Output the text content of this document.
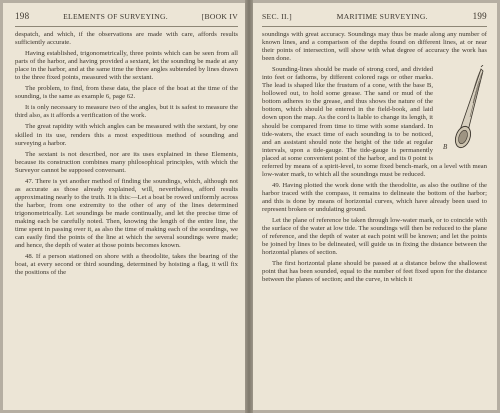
198	ELEMENTS OF SURVEYING.	[BOOK IV

despatch, and which, if the observations are made with care, affords results sufficiently accurate.

Having established, trigonometrically, three points which can be seen from all parts of the harbor, and having provided a sextant, let the sounding be made at any place in the harbor, and at the same time the three angles subtended by lines drawn to the three fixed points, measured with the sextant.

The problem, to find, from these data, the place of the boat at the time of the sounding, is the same as example 6, page 62.

It is only necessary to measure two of the angles, but it is safest to measure the third also, as it affords a verification of the work.

The great rapidity with which angles can be measured with the sextant, by one skilled in its use, renders this a most expeditious method of sounding and surveying a harbor.

The sextant is not described, nor are its uses explained in these Elements, because its construction combines many philosophical principles, with which the Surveyor cannot be supposed conversant.

47. There is yet another method of finding the soundings, which, although not as accurate as those already explained, will, nevertheless, afford results approximating nearly to the truth. It is this:—Let a boat be rowed uniformly across the harbor, from one extremity to the other of any of the lines determined trigonometrically. Let soundings be made continually, and let the precise time of making each be carefully noted. Then, knowing the length of the entire line, the time spent in passing over it, as also the time of making each of the soundings, we can easily find the points of the line at which the several soundings were made; and hence, the depth of water at those points becomes known.

48. If a person stationed on shore with a theodolite, takes the bearing of the boat, at every second or third sounding, determined by hoisting a flag, it will fix the positions of the

SEC. II.]	MARITIME SURVEYING.	199

soundings with great accuracy. Soundings may thus be made along any number of known lines, and a comparison of the depths found on different lines, at or near their points of intersection, will show with what degree of accuracy the work has been done.

B

Sounding-lines should be made of strong cord, and divided into feet or fathoms, by different colored rags or other marks. The lead is shaped like the frustum of a cone, with the base B, hollowed out, to hold some grease. The sand or mud of the bottom adheres to the grease, and thus shows the nature of the bottom, which should be entered in the field-book, and laid down upon the map. As the cord is liable to change its length, it should be compared from time to time with some standard. In tide-waters, the exact time of each sounding is to be noticed, and an assistant should note the height of the tide at regular intervals, upon a tide-gauge. The tide-gauge is permanently placed at some convenient point of the harbor, and its 0 point is referred by means of a spirit-level, to some fixed bench-mark, on a level with mean low-water mark, to which all the soundings must be reduced.

49. Having plotted the work done with the theodolite, as also the outline of the harbor traced with the compass, it remains to delineate the bottom of the harbor; and this is done by means of horizontal curves, which have already been used to represent broken or undulating ground.

Let the plane of reference be taken through low-water mark, or to coincide with the surface of the water at low tide. The soundings will then be reduced to the plane of reference, and the depth of water at each point will be known; and let the points be joined by lines to be delineated, will guide us in fixing the distance between the horizontal planes of section.

The first horizontal plane should be passed at a distance below the shallowest point that has been sounded, equal to the number of feet fixed upon for the distance between the planes of section; and the curve, in which it
